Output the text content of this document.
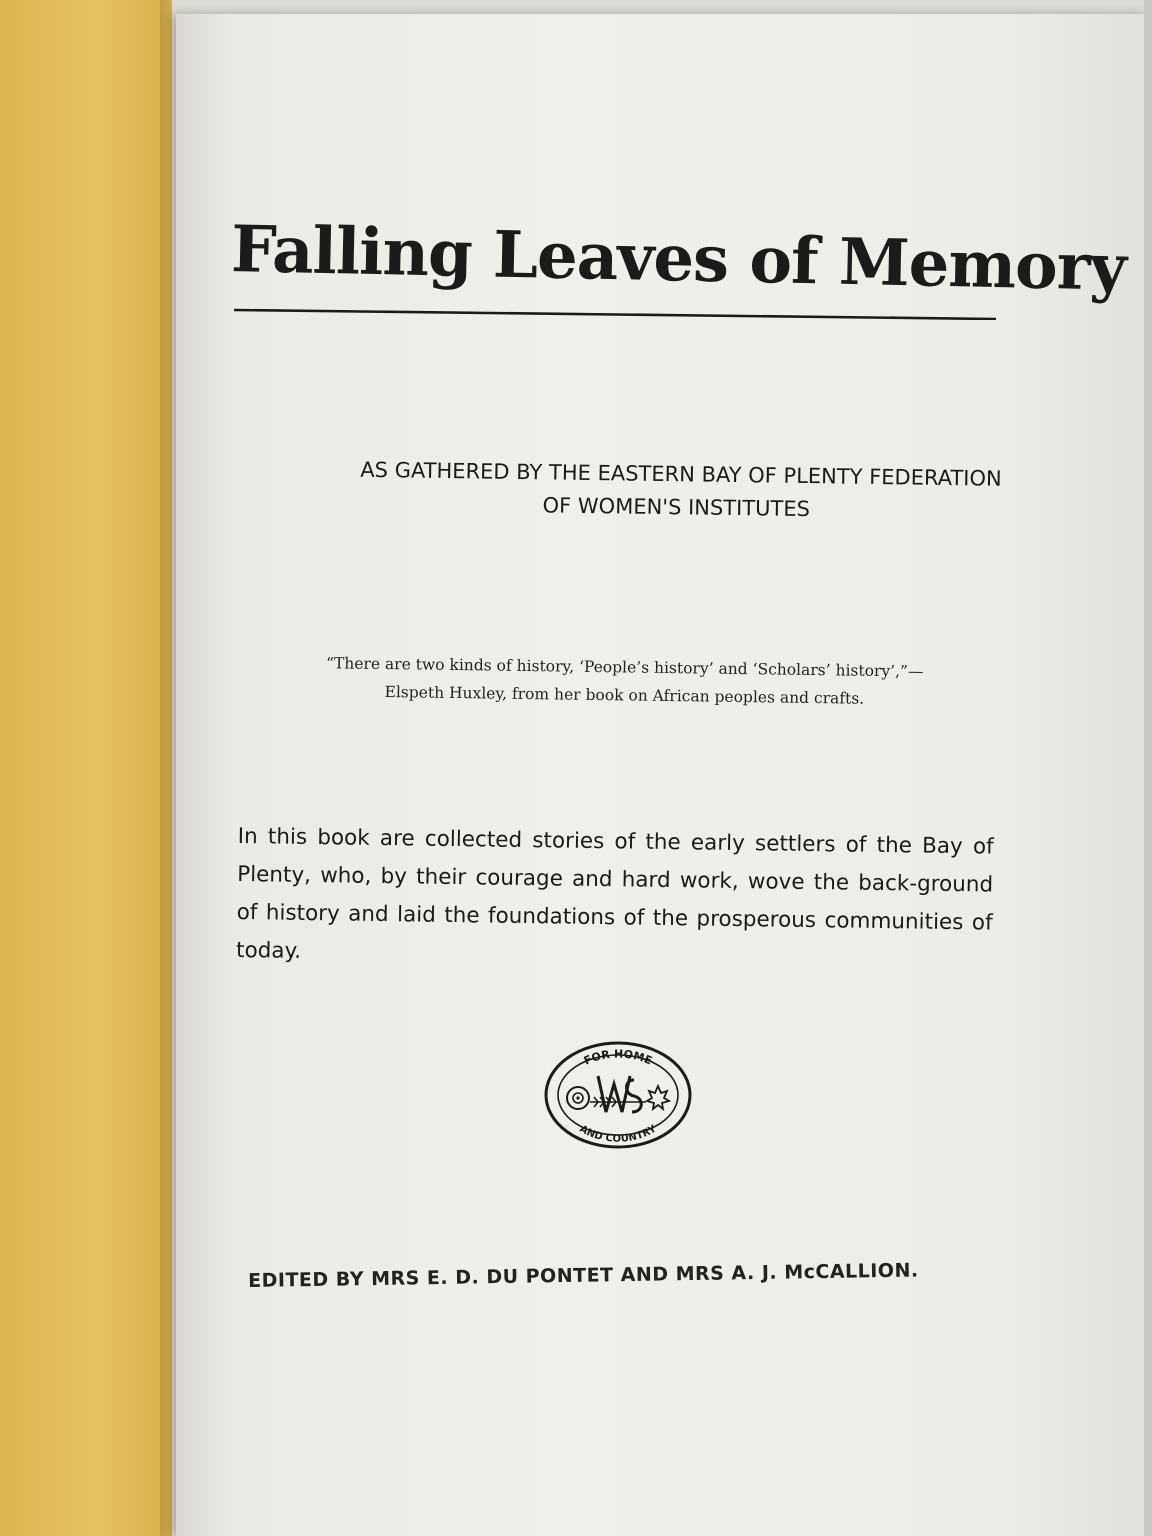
Falling Leaves of Memory
AS GATHERED BY THE EASTERN BAY OF PLENTY FEDERATION
OF WOMEN'S INSTITUTES
“There are two kinds of history, ‘People’s history’ and ‘Scholars’ history’,”—
Elspeth Huxley, from her book on African peoples and crafts.

In this book are collected stories of the early settlers of the Bay of Plenty, who, by their courage and hard work, wove the back-ground of history and laid the foundations of the prosperous communities of today.

FOR HOME
AND COUNTRY
EDITED BY MRS E. D. DU PONTET AND MRS A. J. McCALLION.
